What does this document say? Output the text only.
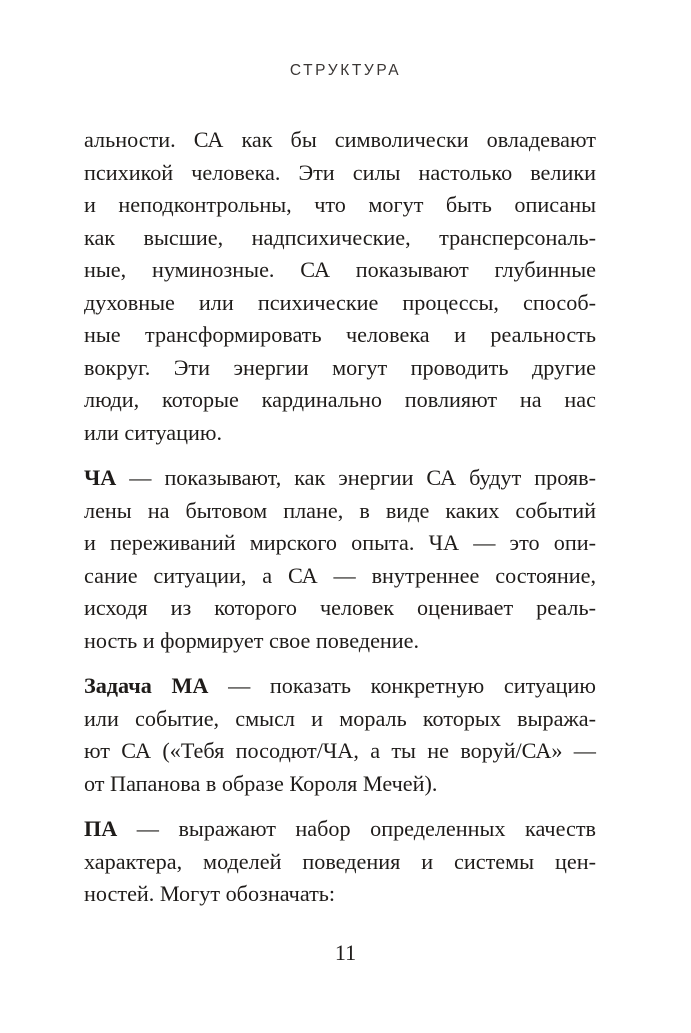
СТРУКТУРА

альности. СА как бы символически овладевают
психикой человека. Эти силы настолько велики
и неподконтрольны, что могут быть описаны
как высшие, надпсихические, трансперсональ-
ные, нуминозные. СА показывают глубинные
духовные или психические процессы, способ-
ные трансформировать человека и реальность
вокруг. Эти энергии могут проводить другие
люди, которые кардинально повлияют на нас
или ситуацию.

ЧА — показывают, как энергии СА будут прояв-
лены на бытовом плане, в виде каких событий
и переживаний мирского опыта. ЧА — это опи-
сание ситуации, а СА — внутреннее состояние,
исходя из которого человек оценивает реаль-
ность и формирует свое поведение.

Задача МА — показать конкретную ситуацию
или событие, смысл и мораль которых выража-
ют СА («Тебя посодют/ЧА, а ты не воруй/СА» —
от Папанова в образе Короля Мечей).

ПА — выражают набор определенных качеств
характера, моделей поведения и системы цен-
ностей. Могут обозначать:

11
